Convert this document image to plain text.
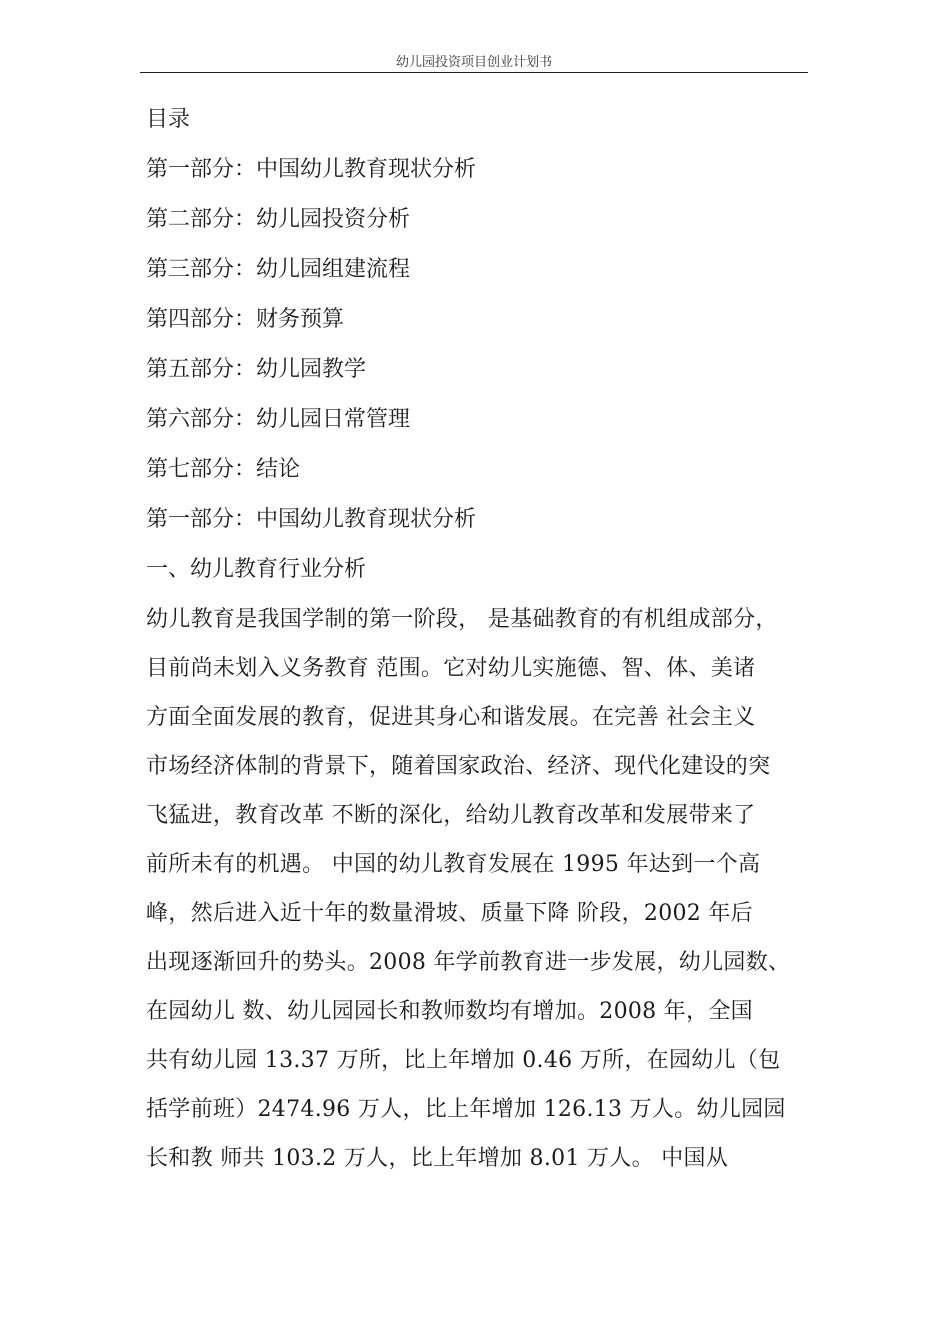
幼儿园投资项目创业计划书
目录
第一部分：中国幼儿教育现状分析
第二部分：幼儿园投资分析
第三部分：幼儿园组建流程
第四部分：财务预算
第五部分：幼儿园教学
第六部分：幼儿园日常管理
第七部分：结论
第一部分：中国幼儿教育现状分析
一、幼儿教育行业分析
幼儿教育是我国学制的第一阶段， 是基础教育的有机组成部分，
目前尚未划入义务教育 范围。它对幼儿实施德、智、体、美诸
方面全面发展的教育，促进其身心和谐发展。在完善 社会主义
市场经济体制的背景下，随着国家政治、经济、现代化建设的突
飞猛进，教育改革 不断的深化，给幼儿教育改革和发展带来了
前所未有的机遇。 中国的幼儿教育发展在 1995 年达到一个高
峰，然后进入近十年的数量滑坡、质量下降 阶段，2002 年后
出现逐渐回升的势头。2008 年学前教育进一步发展，幼儿园数、
在园幼儿 数、幼儿园园长和教师数均有增加。2008 年，全国
共有幼儿园 13.37 万所，比上年增加 0.46 万所，在园幼儿（包
括学前班）2474.96 万人，比上年增加 126.13 万人。幼儿园园
长和教 师共 103.2 万人，比上年增加 8.01 万人。 中国从
